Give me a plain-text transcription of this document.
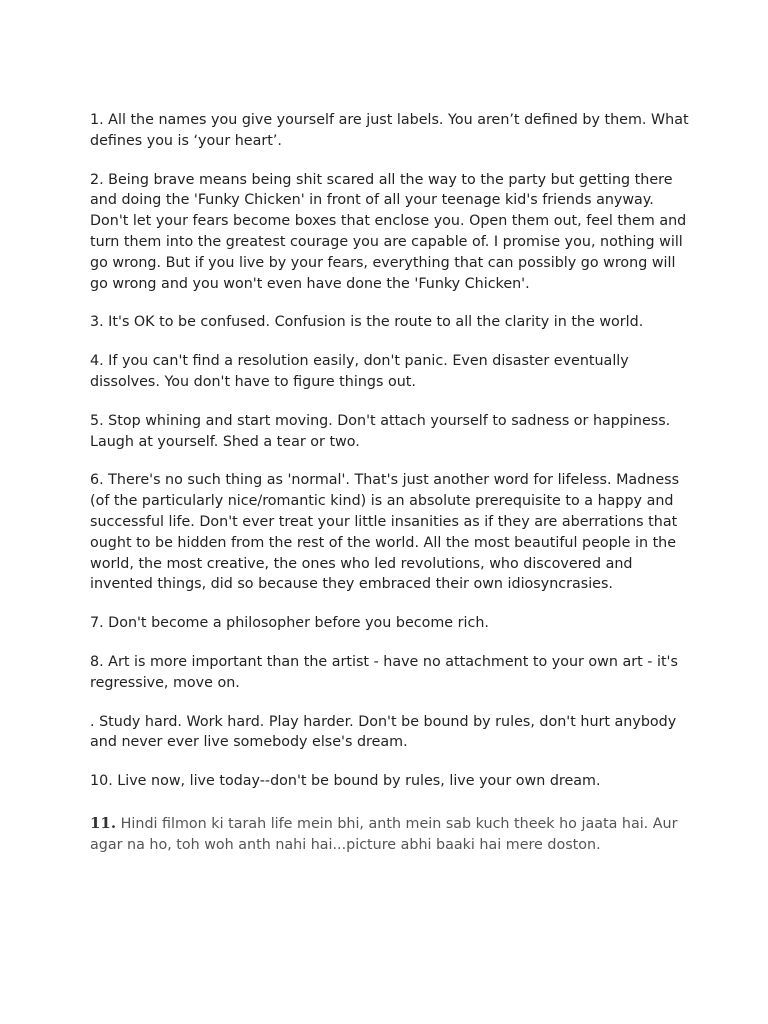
1. All the names you give yourself are just labels. You aren’t defined by them. What defines you is ‘your heart’.

2. Being brave means being shit scared all the way to the party but getting there and doing the 'Funky Chicken' in front of all your teenage kid's friends anyway. Don't let your fears become boxes that enclose you. Open them out, feel them and turn them into the greatest courage you are capable of. I promise you, nothing will go wrong. But if you live by your fears, everything that can possibly go wrong will go wrong and you won't even have done the 'Funky Chicken'.

3. It's OK to be confused. Confusion is the route to all the clarity in the world.

4. If you can't find a resolution easily, don't panic. Even disaster eventually dissolves. You don't have to figure things out.

5. Stop whining and start moving. Don't attach yourself to sadness or happiness. Laugh at yourself. Shed a tear or two.

6. There's no such thing as 'normal'. That's just another word for lifeless. Madness (of the particularly nice/romantic kind) is an absolute prerequisite to a happy and successful life. Don't ever treat your little insanities as if they are aberrations that ought to be hidden from the rest of the world. All the most beautiful people in the world, the most creative, the ones who led revolutions, who discovered and invented things, did so because they embraced their own idiosyncrasies.

7. Don't become a philosopher before you become rich.

8. Art is more important than the artist - have no attachment to your own art - it's regressive, move on.

. Study hard. Work hard. Play harder. Don't be bound by rules, don't hurt anybody and never ever live somebody else's dream.

10. Live now, live today--don't be bound by rules, live your own dream.

11. Hindi filmon ki tarah life mein bhi, anth mein sab kuch theek ho jaata hai. Aur agar na ho, toh woh anth nahi hai...picture abhi baaki hai mere doston.
